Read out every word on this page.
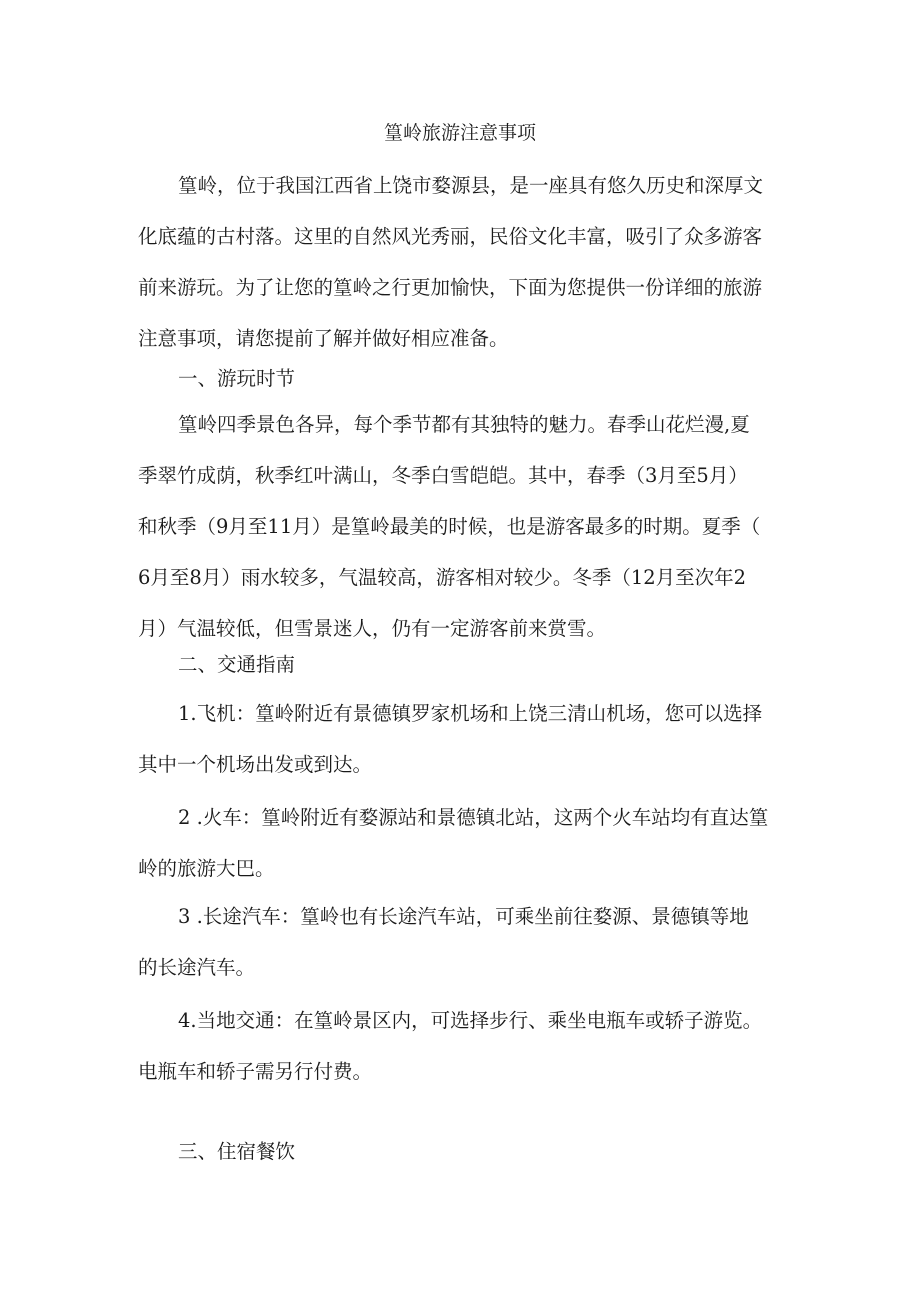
篁岭旅游注意事项

篁岭，位于我国江西省上饶市婺源县，是一座具有悠久历史和深厚文
化底蕴的古村落。这里的自然风光秀丽，民俗文化丰富，吸引了众多游客
前来游玩。为了让您的篁岭之行更加愉快，下面为您提供一份详细的旅游
注意事项，请您提前了解并做好相应准备。

一、游玩时节

篁岭四季景色各异，每个季节都有其独特的魅力。春季山花烂漫,夏
季翠竹成荫，秋季红叶满山，冬季白雪皑皑。其中，春季（3月至5月）
和秋季（9月至11月）是篁岭最美的时候，也是游客最多的时期。夏季（
6月至8月）雨水较多，气温较高，游客相对较少。冬季（12月至次年2
月）气温较低，但雪景迷人，仍有一定游客前来赏雪。

二、交通指南

1.飞机：篁岭附近有景德镇罗家机场和上饶三清山机场，您可以选择
其中一个机场出发或到达。

2 .火车：篁岭附近有婺源站和景德镇北站，这两个火车站均有直达篁
岭的旅游大巴。

3 .长途汽车：篁岭也有长途汽车站，可乘坐前往婺源、景德镇等地
的长途汽车。

4.当地交通：在篁岭景区内，可选择步行、乘坐电瓶车或轿子游览。
电瓶车和轿子需另行付费。

三、住宿餐饮
